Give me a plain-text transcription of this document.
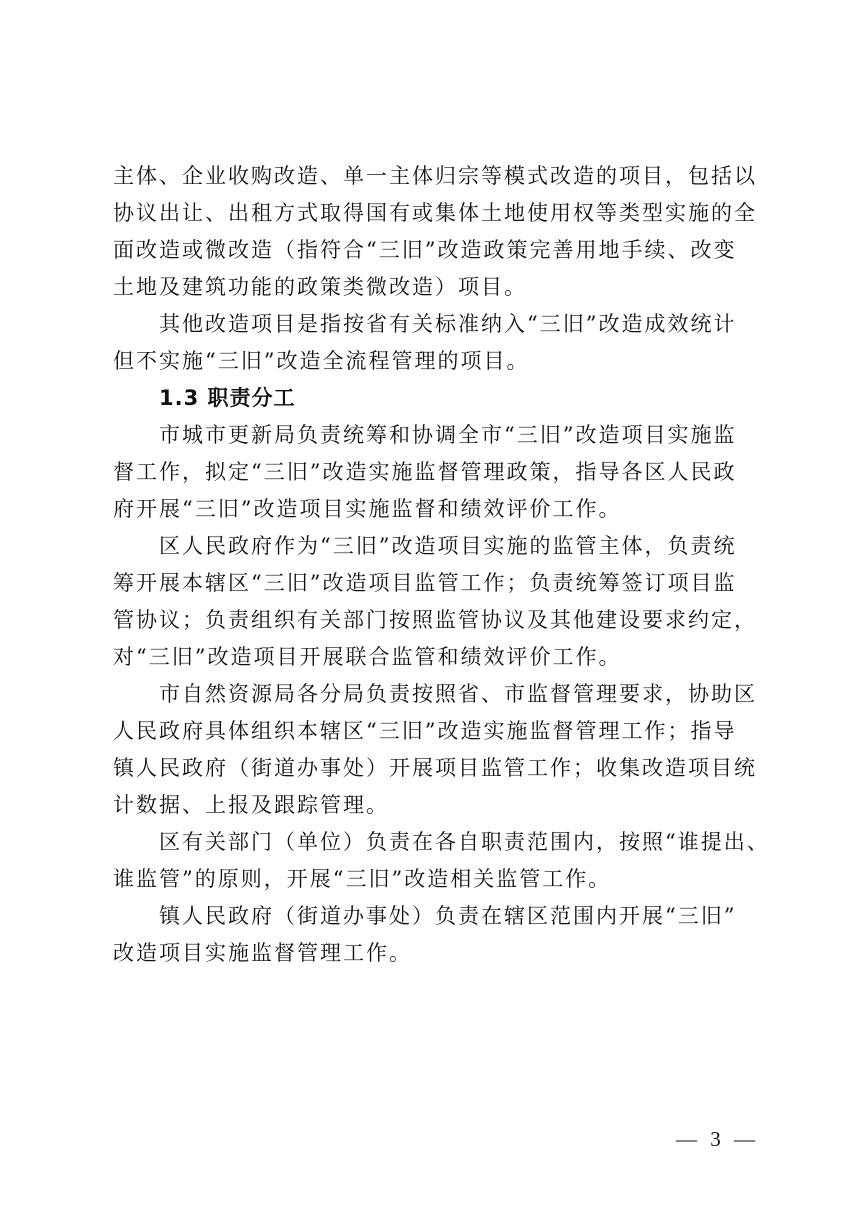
主体、企业收购改造、单一主体归宗等模式改造的项目，包括以
协议出让、出租方式取得国有或集体土地使用权等类型实施的全
面改造或微改造（指符合“三旧”改造政策完善用地手续、改变
土地及建筑功能的政策类微改造）项目。
其他改造项目是指按省有关标准纳入“三旧”改造成效统计
但不实施“三旧”改造全流程管理的项目。
1.3 职责分工
市城市更新局负责统筹和协调全市“三旧”改造项目实施监
督工作，拟定“三旧”改造实施监督管理政策，指导各区人民政
府开展“三旧”改造项目实施监督和绩效评价工作。
区人民政府作为“三旧”改造项目实施的监管主体，负责统
筹开展本辖区“三旧”改造项目监管工作；负责统筹签订项目监
管协议；负责组织有关部门按照监管协议及其他建设要求约定，
对“三旧”改造项目开展联合监管和绩效评价工作。
市自然资源局各分局负责按照省、市监督管理要求，协助区
人民政府具体组织本辖区“三旧”改造实施监督管理工作；指导
镇人民政府（街道办事处）开展项目监管工作；收集改造项目统
计数据、上报及跟踪管理。
区有关部门（单位）负责在各自职责范围内，按照“谁提出、
谁监管”的原则，开展“三旧”改造相关监管工作。
镇人民政府（街道办事处）负责在辖区范围内开展“三旧”
改造项目实施监督管理工作。
— 3 —
